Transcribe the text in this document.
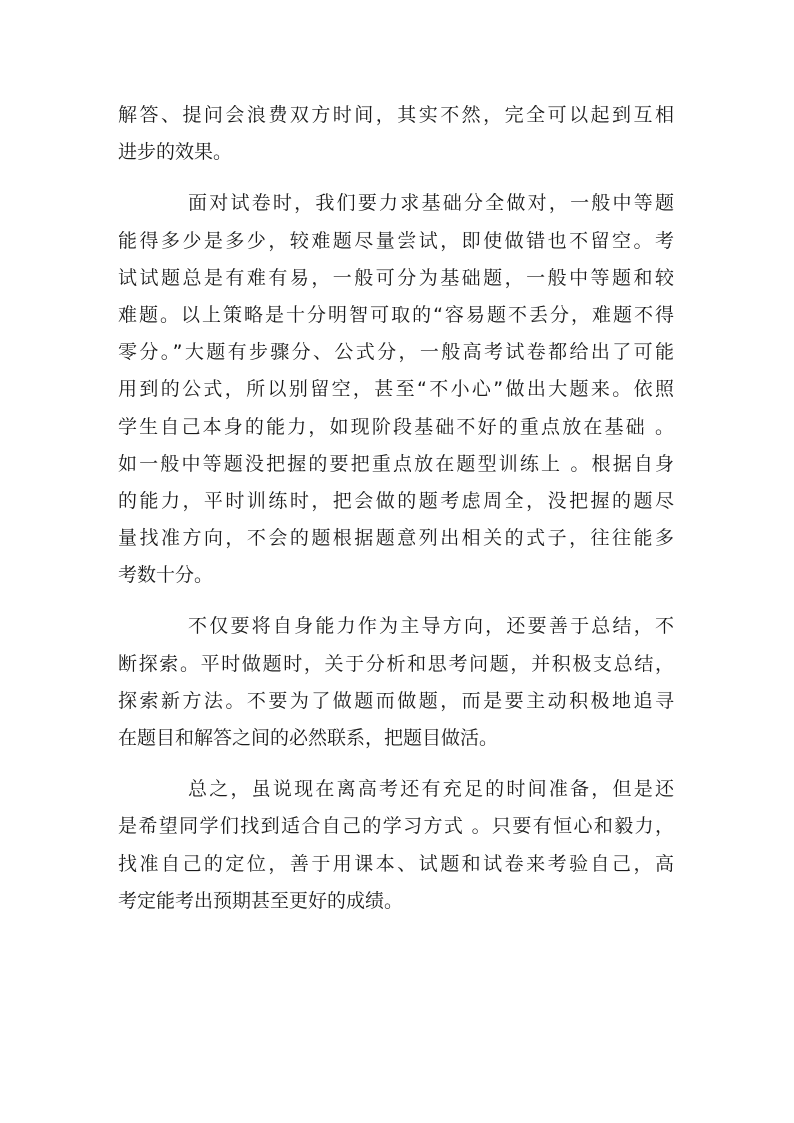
解答、提问会浪费双方时间，其实不然，完全可以起到互相
进步的效果。
面对试卷时，我们要力求基础分全做对，一般中等题
能得多少是多少，较难题尽量尝试，即使做错也不留空。考
试试题总是有难有易，一般可分为基础题，一般中等题和较
难题。以上策略是十分明智可取的“容易题不丢分，难题不得
零分。”大题有步骤分、公式分，一般高考试卷都给出了可能
用到的公式，所以别留空，甚至“不小心”做出大题来。依照
学生自己本身的能力，如现阶段基础不好的重点放在基础 。
如一般中等题没把握的要把重点放在题型训练上 。根据自身
的能力，平时训练时，把会做的题考虑周全，没把握的题尽
量找准方向，不会的题根据题意列出相关的式子，往往能多
考数十分。
不仅要将自身能力作为主导方向，还要善于总结，不
断探索。平时做题时，关于分析和思考问题，并积极支总结，
探索新方法。不要为了做题而做题，而是要主动积极地追寻
在题目和解答之间的必然联系，把题目做活。
总之，虽说现在离高考还有充足的时间准备，但是还
是希望同学们找到适合自己的学习方式 。只要有恒心和毅力，
找准自己的定位，善于用课本、试题和试卷来考验自己，高
考定能考出预期甚至更好的成绩。
